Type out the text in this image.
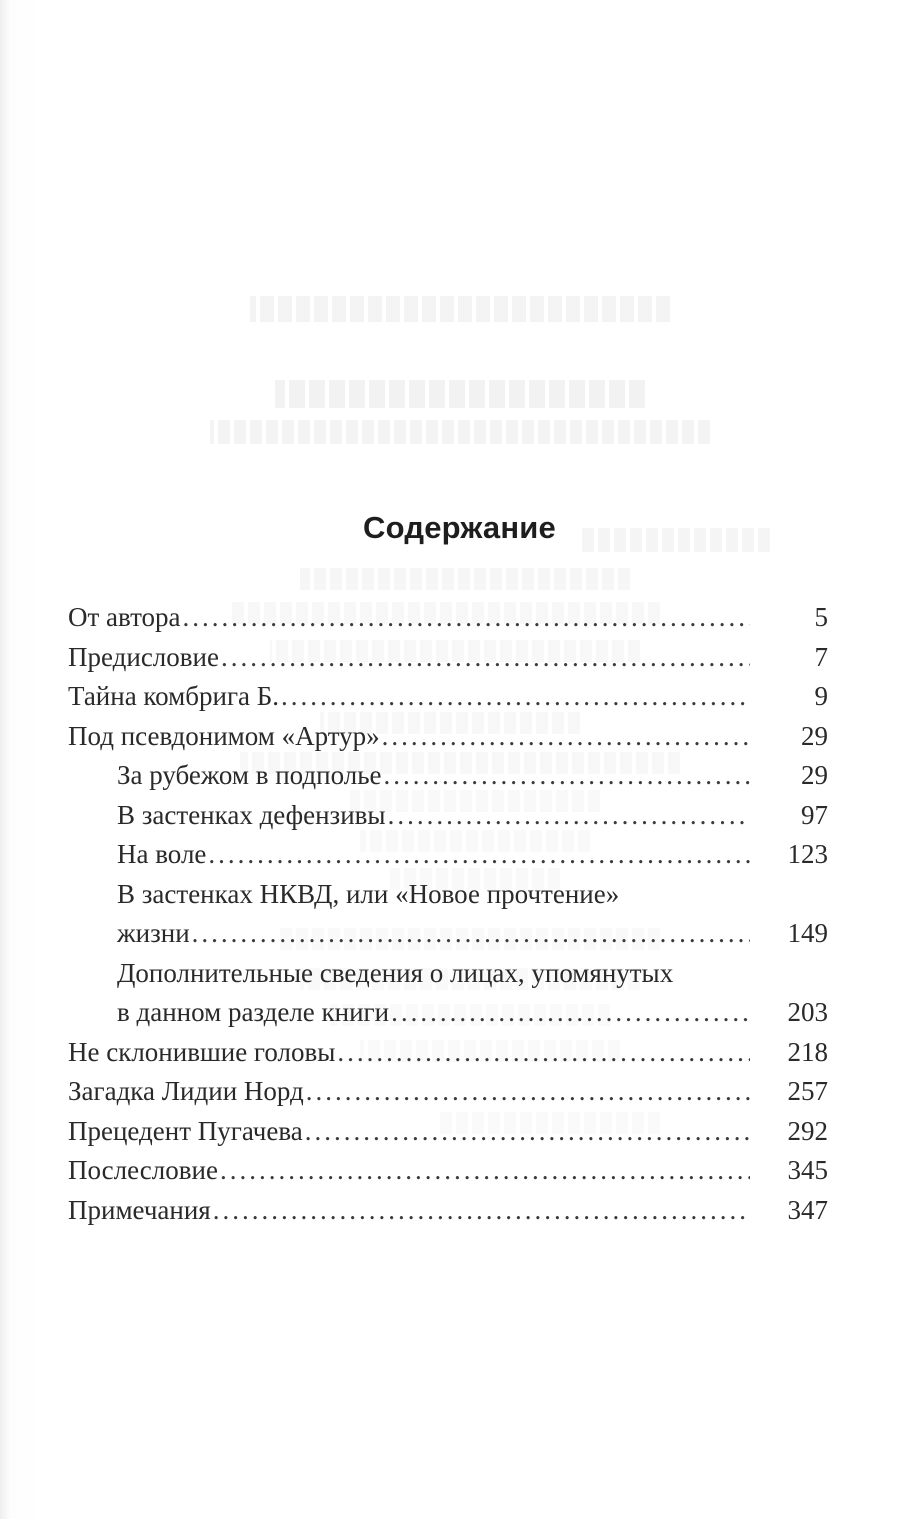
Содержание
От автора .....	5
Предисловие .....	7
Тайна комбрига Б. .....	9
Под псевдонимом «Артур» .....	29
За рубежом в подполье .....	29
В застенках дефензивы .....	97
На воле .....	123
В застенках НКВД, или «Новое прочтение»
жизни .....	149
Дополнительные сведения о лицах, упомянутых
в данном разделе книги .....	203
Не склонившие головы .....	218
Загадка Лидии Норд .....	257
Прецедент Пугачева .....	292
Послесловие .....	345
Примечания .....	347
